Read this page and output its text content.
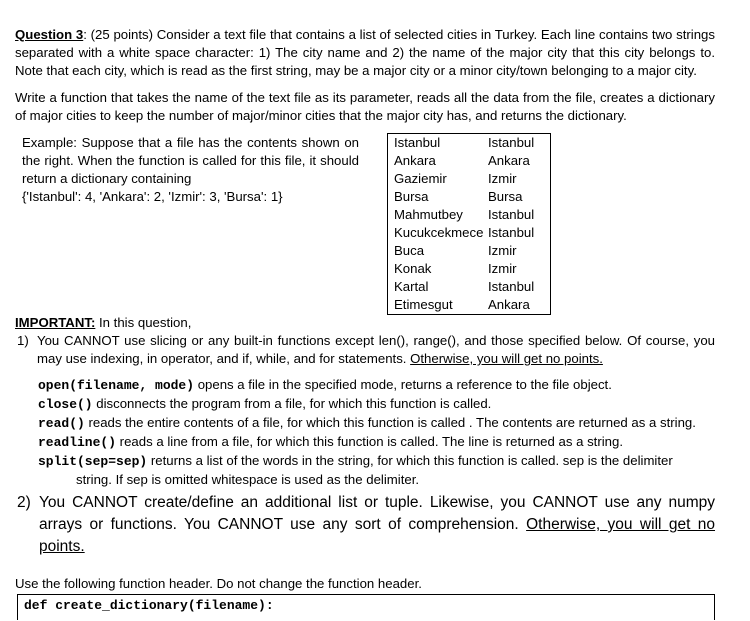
Question 3: (25 points) Consider a text file that contains a list of selected cities in Turkey. Each line contains two strings separated with a white space character: 1) The city name and 2) the name of the major city that this city belongs to. Note that each city, which is read as the first string, may be a major city or a minor city/town belonging to a major city.
Write a function that takes the name of the text file as its parameter, reads all the data from the file, creates a dictionary of major cities to keep the number of major/minor cities that the major city has, and returns the dictionary.
Example: Suppose that a file has the contents shown on the right. When the function is called for this file, it should return a dictionary containing
{'Istanbul': 4, 'Ankara': 2, 'Izmir': 3, 'Bursa': 1}
Istanbul	Istanbul
Ankara	Ankara
Gaziemir	Izmir
Bursa	Bursa
Mahmutbey	Istanbul
Kucukcekmece	Istanbul
Buca	Izmir
Konak	Izmir
Kartal	Istanbul
Etimesgut	Ankara
IMPORTANT: In this question,
1) You CANNOT use slicing or any built-in functions except len(), range(), and those specified below. Of course, you may use indexing, in operator, and if, while, and for statements. Otherwise, you will get no points.
open(filename, mode) opens a file in the specified mode, returns a reference to the file object.
close() disconnects the program from a file, for which this function is called.
read() reads the entire contents of a file, for which this function is called . The contents are returned as a string.
readline() reads a line from a file, for which this function is called. The line is returned as a string.
split(sep=sep) returns a list of the words in the string, for which this function is called. sep is the delimiter
string. If sep is omitted whitespace is used as the delimiter.
2) You CANNOT create/define an additional list or tuple. Likewise, you CANNOT use any numpy arrays or functions. You CANNOT use any sort of comprehension. Otherwise, you will get no points.
Use the following function header. Do not change the function header.
def create_dictionary(filename):
